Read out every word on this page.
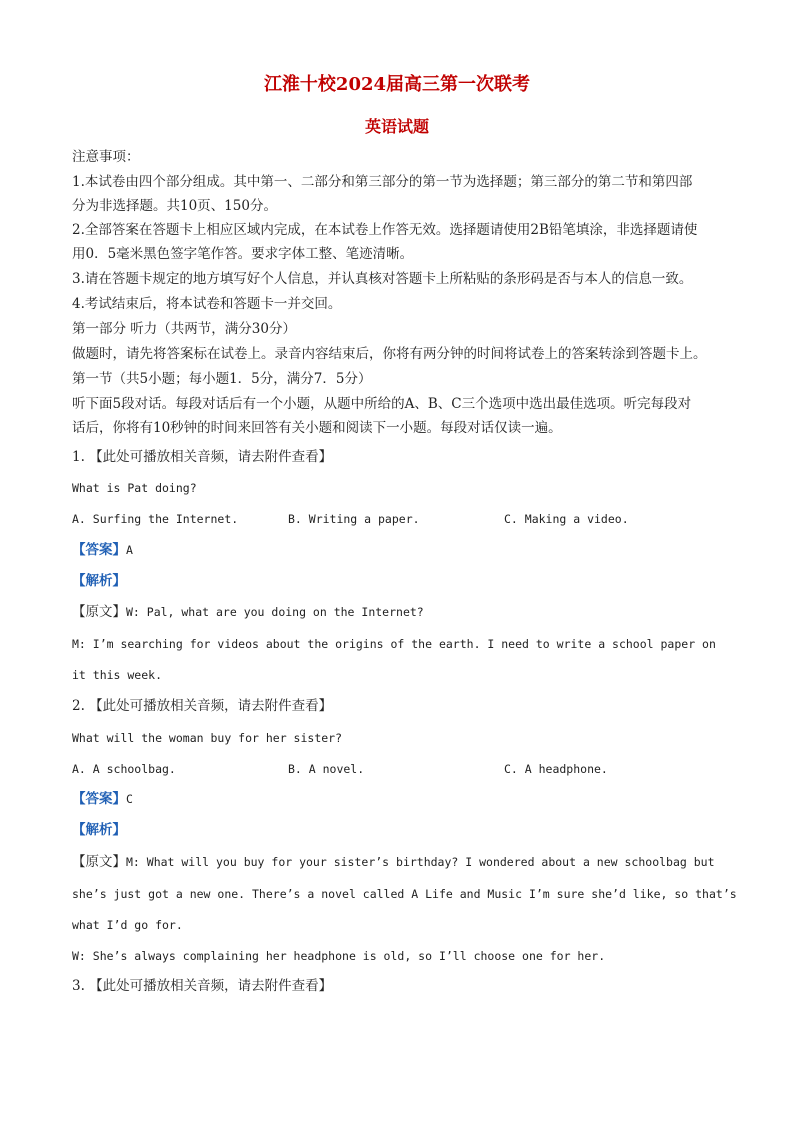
江淮十校2024届高三第一次联考
英语试题
注意事项：
1.本试卷由四个部分组成。其中第一、二部分和第三部分的第一节为选择题；第三部分的第二节和第四部
分为非选择题。共10页、150分。
2.全部答案在答题卡上相应区域内完成，在本试卷上作答无效。选择题请使用2B铅笔填涂，非选择题请使
用0．5毫米黑色签字笔作答。要求字体工整、笔迹清晰。
3.请在答题卡规定的地方填写好个人信息，并认真核对答题卡上所粘贴的条形码是否与本人的信息一致。
4.考试结束后，将本试卷和答题卡一并交回。
第一部分 听力（共两节，满分30分）
做题时，请先将答案标在试卷上。录音内容结束后，你将有两分钟的时间将试卷上的答案转涂到答题卡上。
第一节（共5小题；每小题1．5分，满分7．5分）
听下面5段对话。每段对话后有一个小题，从题中所给的A、B、C三个选项中选出最佳选项。听完每段对
话后，你将有10秒钟的时间来回答有关小题和阅读下一小题。每段对话仅读一遍。
1. 【此处可播放相关音频，请去附件查看】
What is Pat doing?
A. Surfing the Internet.	B. Writing a paper.	C. Making a video.
【答案】A
【解析】
【原文】W: Pal, what are you doing on the Internet?
M: I’m searching for videos about the origins of the earth. I need to write a school paper on
it this week.
2. 【此处可播放相关音频，请去附件查看】
What will the woman buy for her sister?
A. A schoolbag.	B. A novel.	C. A headphone.
【答案】C
【解析】
【原文】M: What will you buy for your sister’s birthday? I wondered about a new schoolbag but
she’s just got a new one. There’s a novel called A Life and Music I’m sure she’d like, so that’s
what I’d go for.
W: She’s always complaining her headphone is old, so I’ll choose one for her.
3. 【此处可播放相关音频，请去附件查看】
